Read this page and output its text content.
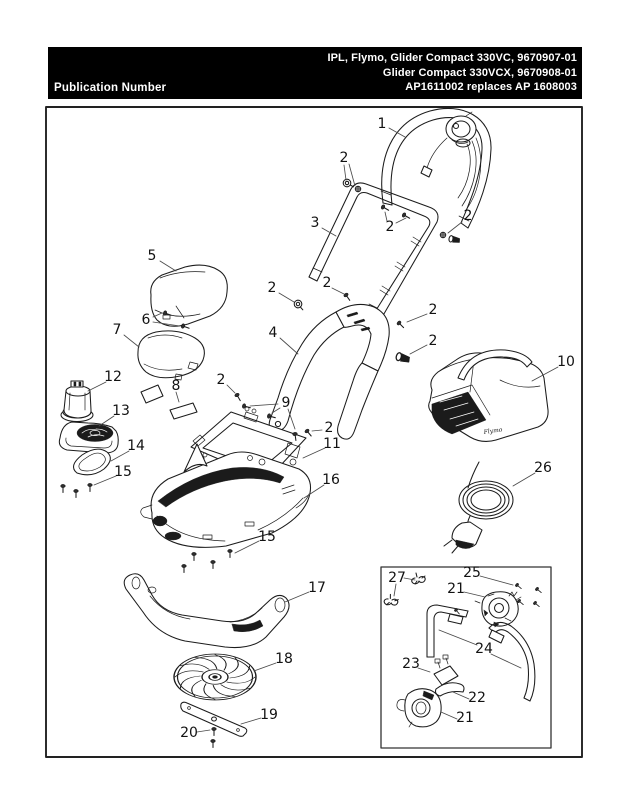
Publication Number
IPL, Flymo, Glider Compact 330VC, 9670907-01
Glider Compact 330VCX, 9670908-01
AP1611002 replaces AP 1608003
Flymo
1
2
3	2
2
2	2
4
2
2
5
6
7
12
8	2
13	9
2
11
10
14
15	16
26
15
17
18
19
20
27	25
21
24
23
22
21
